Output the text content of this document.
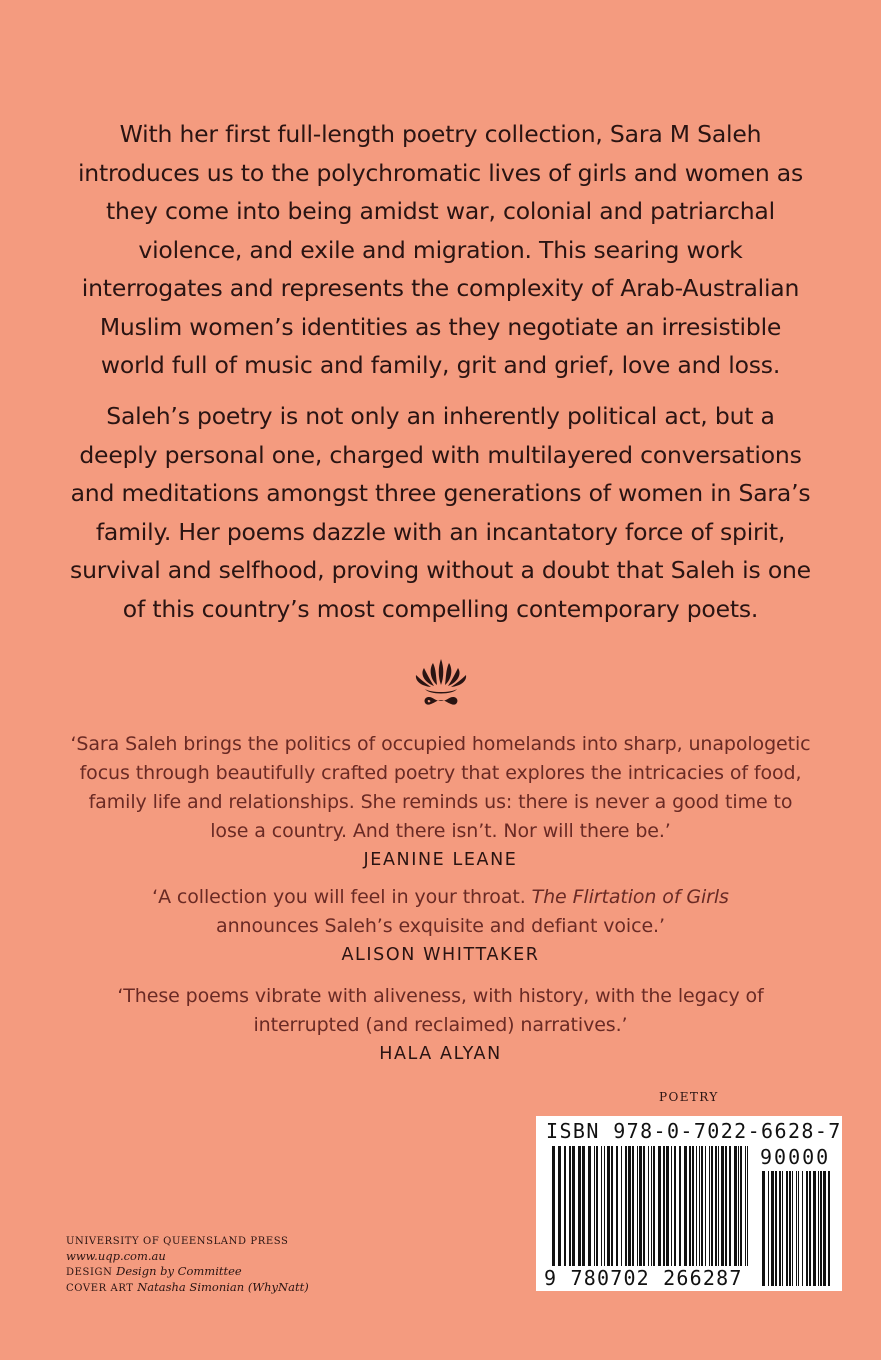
With her first full-length poetry collection, Sara M Saleh introduces us to the polychromatic lives of girls and women as they come into being amidst war, colonial and patriarchal violence, and exile and migration. This searing work interrogates and represents the complexity of Arab-Australian Muslim women’s identities as they negotiate an irresistible world full of music and family, grit and grief, love and loss.

Saleh’s poetry is not only an inherently political act, but a deeply personal one, charged with multilayered conversations and meditations amongst three generations of women in Sara’s family. Her poems dazzle with an incantatory force of spirit, survival and selfhood, proving without a doubt that Saleh is one of this country’s most compelling contemporary poets.

‘Sara Saleh brings the politics of occupied homelands into sharp, unapologetic focus through beautifully crafted poetry that explores the intricacies of food, family life and relationships. She reminds us: there is never a good time to lose a country. And there isn’t. Nor will there be.’
JEANINE LEANE

‘A collection you will feel in your throat. The Flirtation of Girls
announces Saleh’s exquisite and defiant voice.’
ALISON WHITTAKER

‘These poems vibrate with aliveness, with history, with the legacy of interrupted (and reclaimed) narratives.’
HALA ALYAN

POETRY
ISBN 978-0-7022-6628-7
90000
9 780702 266287
UNIVERSITY OF QUEENSLAND PRESS
www.uqp.com.au
DESIGN Design by Committee
COVER ART Natasha Simonian (WhyNatt)
